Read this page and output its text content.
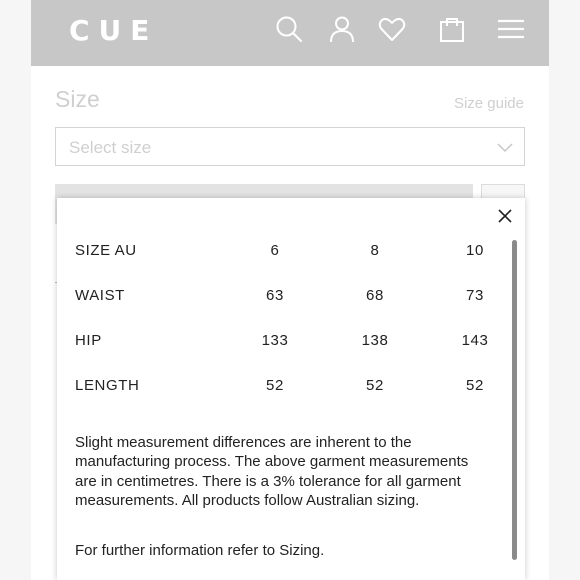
CUE
Size	Size guide
Select size
SIZE AU	6	8	10
WAIST	63	68	73
HIP	133	138	143
LENGTH	52	52	52

Slight measurement differences are inherent to the manufacturing process. The above garment measurements are in centimetres. There is a 3% tolerance for all garment measurements. All products follow Australian sizing.

For further information refer to Sizing.
